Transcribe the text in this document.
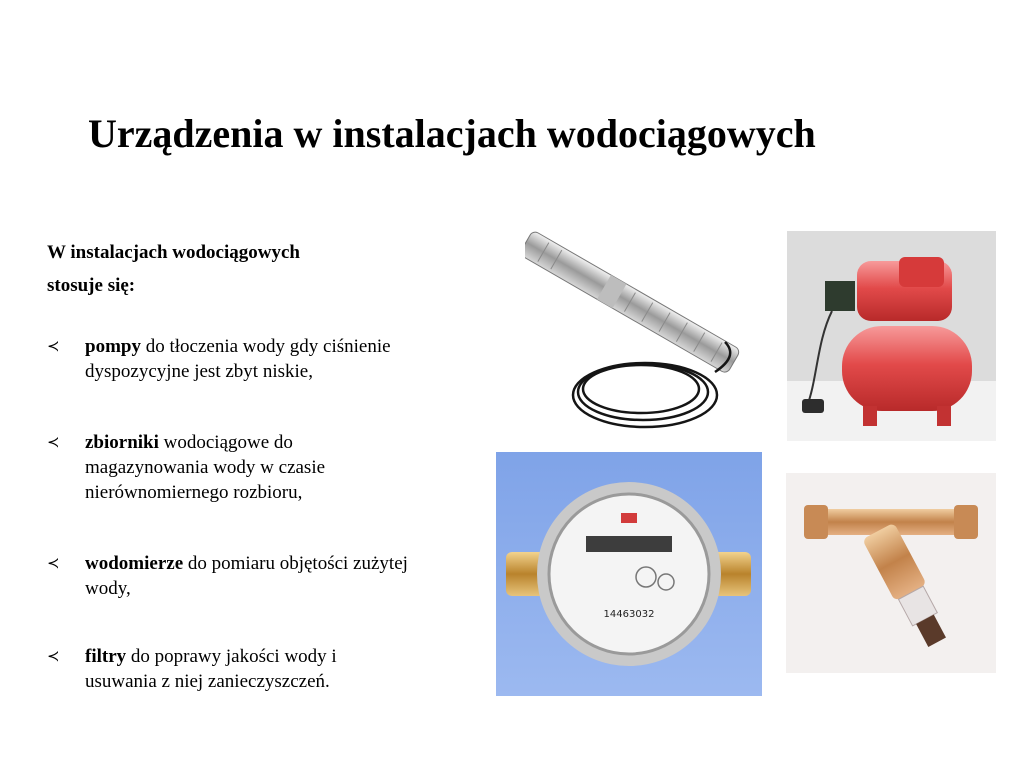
Urządzenia w instalacjach wodociągowych
W instalacjach wodociągowych
stosuje się:
≺	pompy do tłoczenia wody gdy ciśnienie
dyspozycyjne jest zbyt niskie,
≺	zbiorniki wodociągowe do
magazynowania wody w czasie
nierównomiernego rozbioru,
≺	wodomierze do pomiaru objętości zużytej
wody,
≺	filtry do poprawy jakości wody i
usuwania z niej zanieczyszczeń.
14463032
